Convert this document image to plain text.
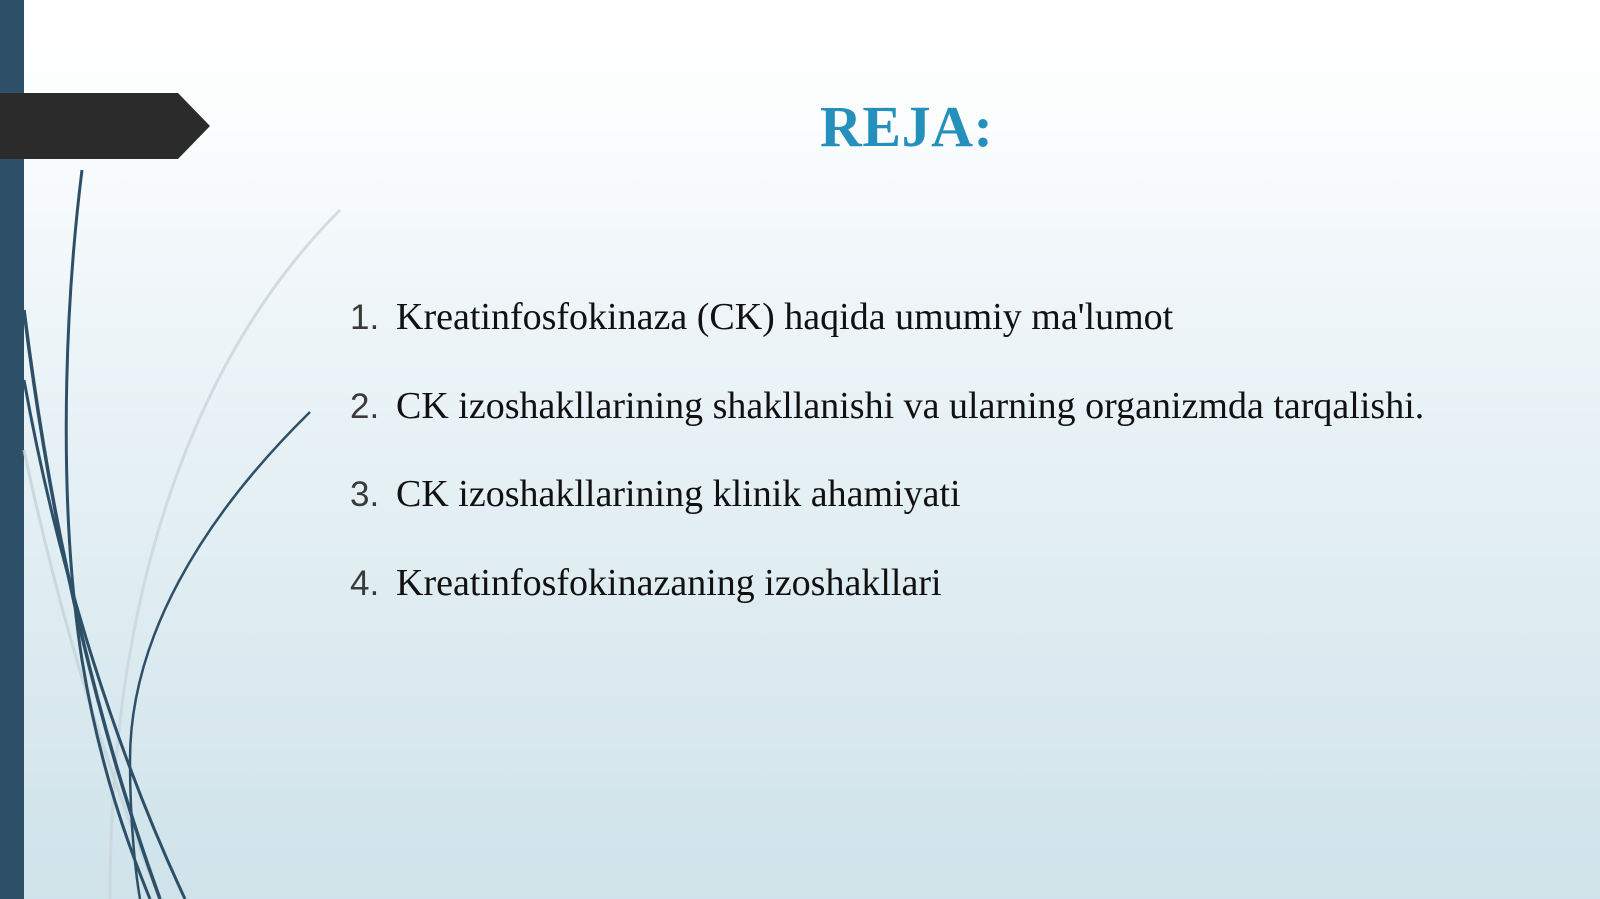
REJA:
1. Kreatinfosfokinaza (CK) haqida umumiy ma'lumot
2. CK izoshakllarining shakllanishi va ularning organizmda tarqalishi.
3. CK izoshakllarining klinik ahamiyati
4. Kreatinfosfokinazaning izoshakllari
